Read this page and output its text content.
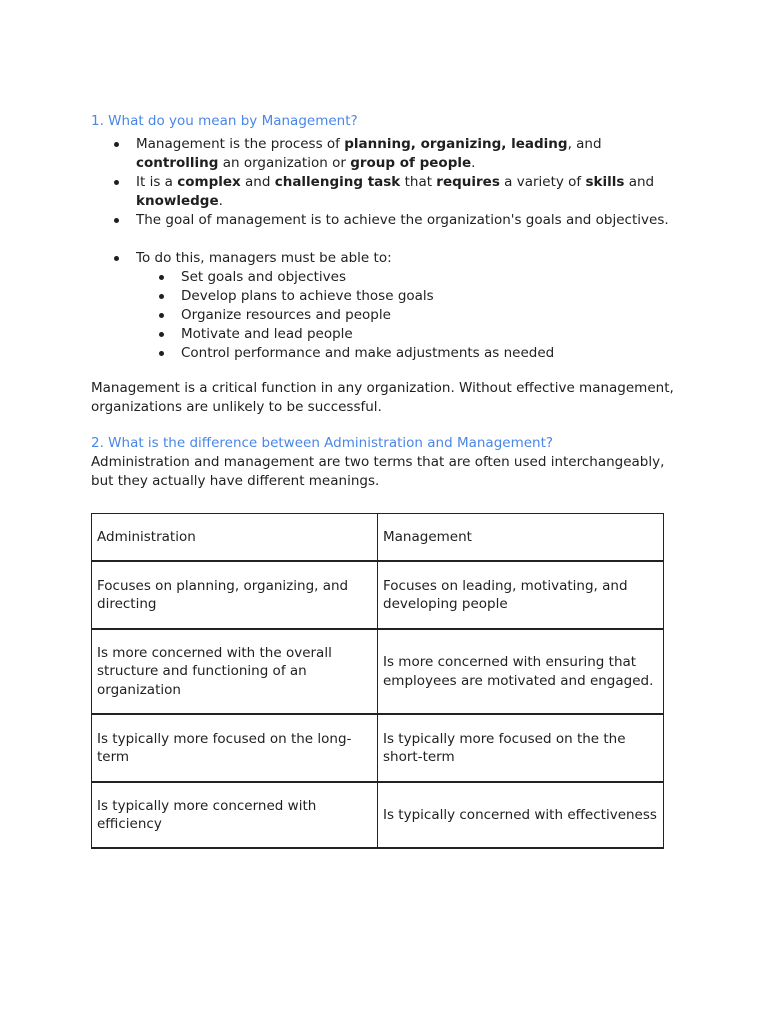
1. What do you mean by Management?
Management is the process of planning, organizing, leading, and controlling an organization or group of people.
It is a complex and challenging task that requires a variety of skills and knowledge.
The goal of management is to achieve the organization's goals and objectives.
To do this, managers must be able to:
Set goals and objectives
Develop plans to achieve those goals
Organize resources and people
Motivate and lead people
Control performance and make adjustments as needed

Management is a critical function in any organization. Without effective management, organizations are unlikely to be successful.

2. What is the difference between Administration and Management?

Administration and management are two terms that are often used interchangeably, but they actually have different meanings.

Administration	Management
Focuses on planning, organizing, and directing	Focuses on leading, motivating, and developing people
Is more concerned with the overall structure and functioning of an organization	Is more concerned with ensuring that employees are motivated and engaged.
Is typically more focused on the long-term	Is typically more focused on the the short-term
Is typically more concerned with efficiency	Is typically concerned with effectiveness
